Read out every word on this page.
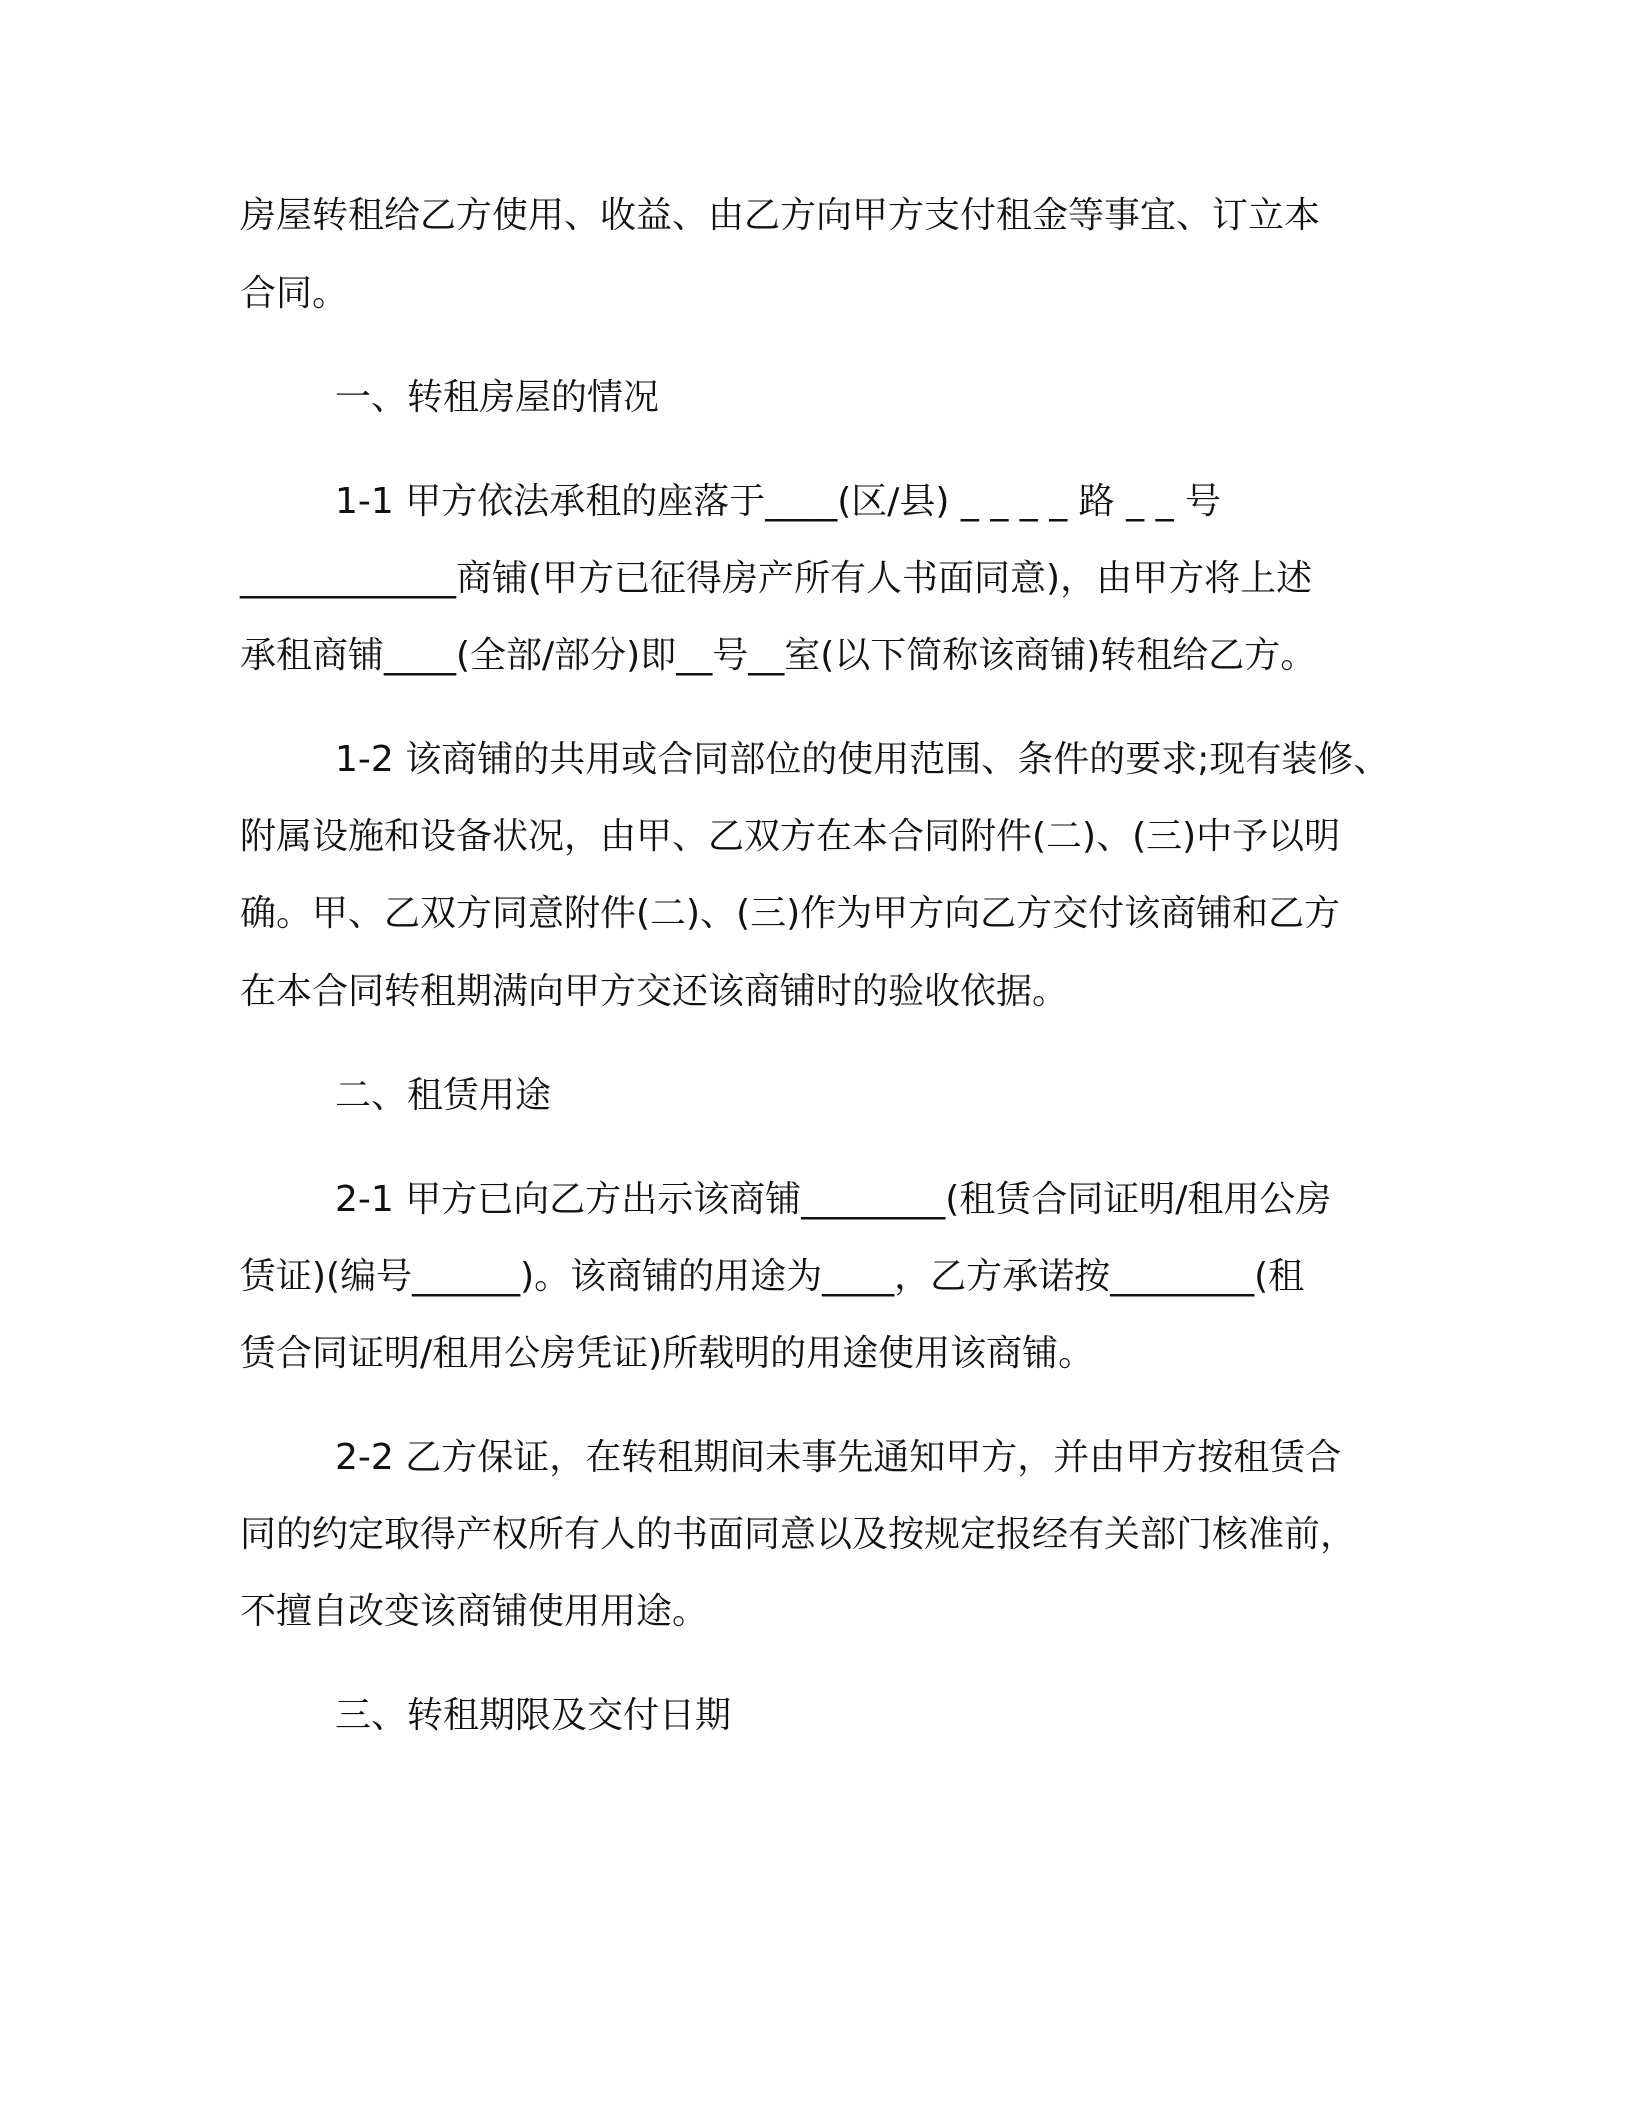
房屋转租给乙方使用、收益、由乙方向甲方支付租金等事宜、订立本
合同。
一、转租房屋的情况
1-1 甲方依法承租的座落于____(区/县) _ _ _ _ 路 _ _ 号
____________商铺(甲方已征得房产所有人书面同意)，由甲方将上述
承租商铺____(全部/部分)即__号__室(以下简称该商铺)转租给乙方。
1-2 该商铺的共用或合同部位的使用范围、条件的要求;现有装修、
附属设施和设备状况，由甲、乙双方在本合同附件(二)、(三)中予以明
确。甲、乙双方同意附件(二)、(三)作为甲方向乙方交付该商铺和乙方
在本合同转租期满向甲方交还该商铺时的验收依据。
二、租赁用途
2-1 甲方已向乙方出示该商铺________(租赁合同证明/租用公房
赁证)(编号______)。该商铺的用途为____，乙方承诺按________(租
赁合同证明/租用公房凭证)所载明的用途使用该商铺。
2-2 乙方保证，在转租期间未事先通知甲方，并由甲方按租赁合
同的约定取得产权所有人的书面同意以及按规定报经有关部门核准前，
不擅自改变该商铺使用用途。
三、转租期限及交付日期
